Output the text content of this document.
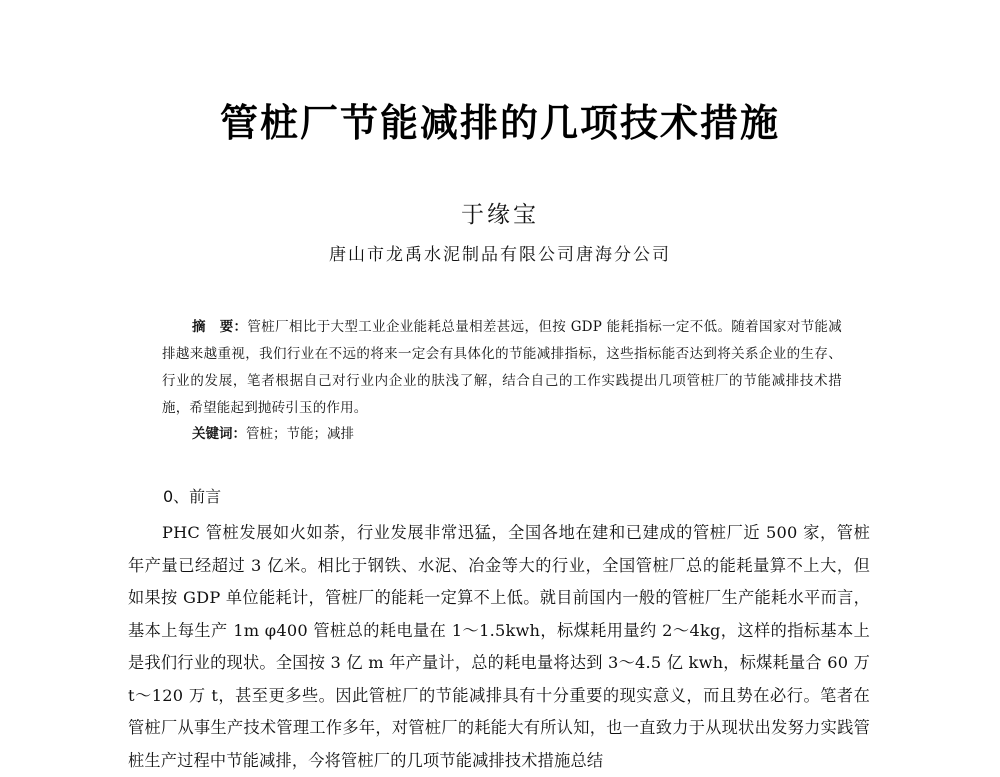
管桩厂节能减排的几项技术措施
于缘宝
唐山市龙禹水泥制品有限公司唐海分公司

摘　要：管桩厂相比于大型工业企业能耗总量相差甚远，但按 GDP 能耗指标一定不低。随着国家对节能减排越来越重视，我们行业在不远的将来一定会有具体化的节能减排指标，这些指标能否达到将关系企业的生存、行业的发展，笔者根据自己对行业内企业的肤浅了解，结合自己的工作实践提出几项管桩厂的节能减排技术措施，希望能起到抛砖引玉的作用。

关键词：管桩；节能；减排
0、前言

PHC 管桩发展如火如荼，行业发展非常迅猛，全国各地在建和已建成的管桩厂近 500 家，管桩年产量已经超过 3 亿米。相比于钢铁、水泥、冶金等大的行业，全国管桩厂总的能耗量算不上大，但如果按 GDP 单位能耗计，管桩厂的能耗一定算不上低。就目前国内一般的管桩厂生产能耗水平而言，基本上每生产 1m φ400 管桩总的耗电量在 1～1.5kwh，标煤耗用量约 2～4kg，这样的指标基本上是我们行业的现状。全国按 3 亿 m 年产量计，总的耗电量将达到 3～4.5 亿 kwh，标煤耗量合 60 万 t～120 万 t，甚至更多些。因此管桩厂的节能减排具有十分重要的现实意义，而且势在必行。笔者在管桩厂从事生产技术管理工作多年，对管桩厂的耗能大有所认知，也一直致力于从现状出发努力实践管桩生产过程中节能减排，今将管桩厂的几项节能减排技术措施总结
